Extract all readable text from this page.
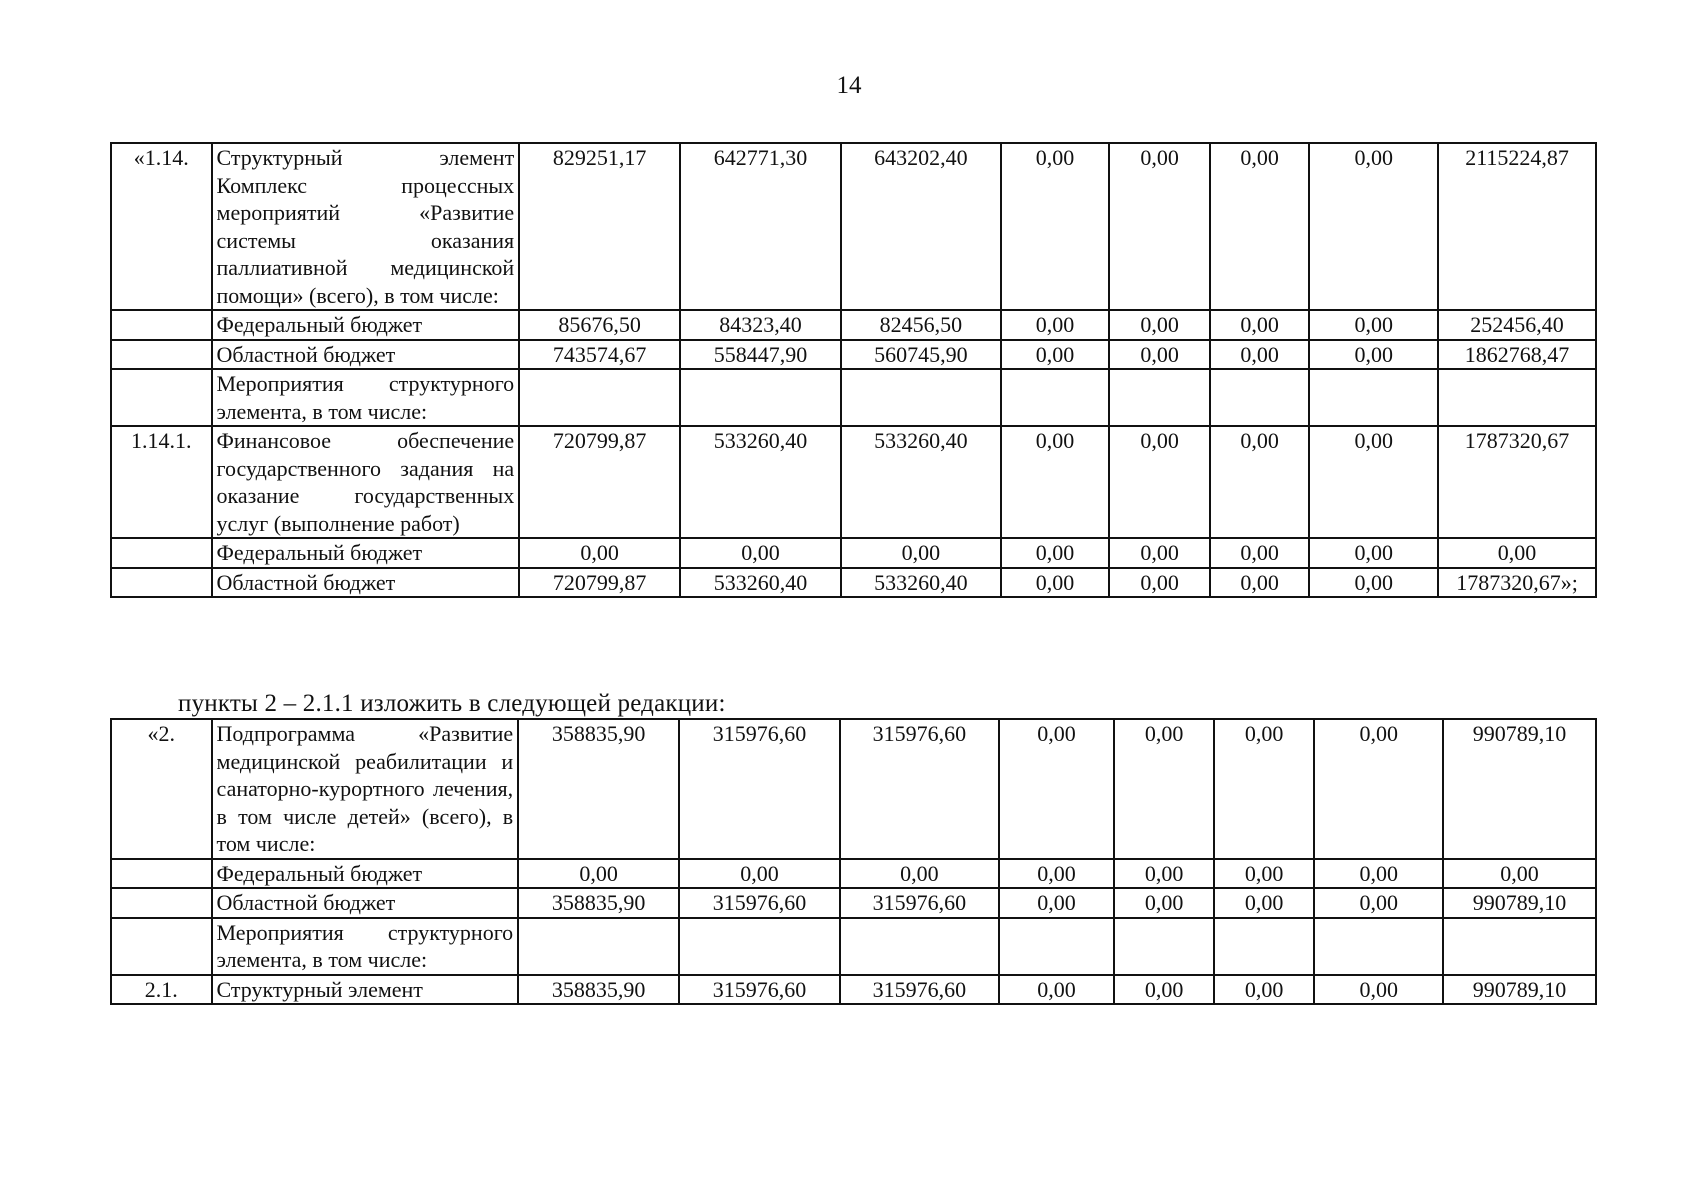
14
«1.14.	Структурный элемент Комплекс процессных мероприятий «Развитие системы оказания паллиативной медицинской помощи» (всего), в том числе:	829251,17	642771,30	643202,40	0,00	0,00	0,00	0,00	2115224,87
	Федеральный бюджет	85676,50	84323,40	82456,50	0,00	0,00	0,00	0,00	252456,40
	Областной бюджет	743574,67	558447,90	560745,90	0,00	0,00	0,00	0,00	1862768,47
	Мероприятия структурного элемента, в том числе:								
1.14.1.	Финансовое обеспечение государственного задания на оказание государственных услуг (выполнение работ)	720799,87	533260,40	533260,40	0,00	0,00	0,00	0,00	1787320,67
	Федеральный бюджет	0,00	0,00	0,00	0,00	0,00	0,00	0,00	0,00
	Областной бюджет	720799,87	533260,40	533260,40	0,00	0,00	0,00	0,00	1787320,67»;
пункты 2 – 2.1.1 изложить в следующей редакции:
«2.	Подпрограмма «Развитие медицинской реабилитации и санаторно-курортного лечения, в том числе детей» (всего), в том числе:	358835,90	315976,60	315976,60	0,00	0,00	0,00	0,00	990789,10
	Федеральный бюджет	0,00	0,00	0,00	0,00	0,00	0,00	0,00	0,00
	Областной бюджет	358835,90	315976,60	315976,60	0,00	0,00	0,00	0,00	990789,10
	Мероприятия структурного элемента, в том числе:								
2.1.	Структурный элемент	358835,90	315976,60	315976,60	0,00	0,00	0,00	0,00	990789,10
